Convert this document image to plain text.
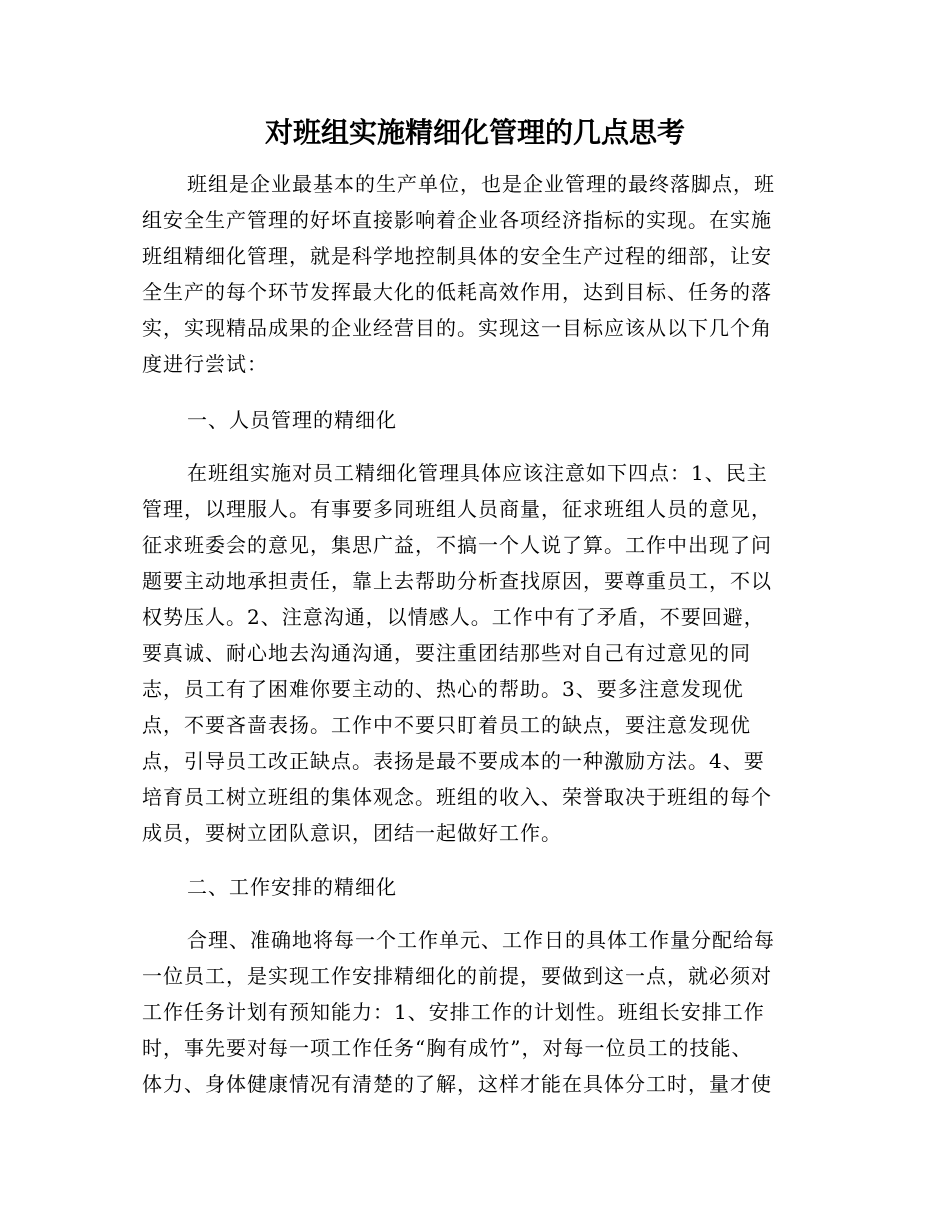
对班组实施精细化管理的几点思考
班组是企业最基本的生产单位，也是企业管理的最终落脚点，班
组安全生产管理的好坏直接影响着企业各项经济指标的实现。在实施
班组精细化管理，就是科学地控制具体的安全生产过程的细部，让安
全生产的每个环节发挥最大化的低耗高效作用，达到目标、任务的落
实，实现精品成果的企业经营目的。实现这一目标应该从以下几个角
度进行尝试：
一、人员管理的精细化
在班组实施对员工精细化管理具体应该注意如下四点：1、民主
管理，以理服人。有事要多同班组人员商量，征求班组人员的意见，
征求班委会的意见，集思广益，不搞一个人说了算。工作中出现了问
题要主动地承担责任，靠上去帮助分析查找原因，要尊重员工，不以
权势压人。2、注意沟通，以情感人。工作中有了矛盾，不要回避，
要真诚、耐心地去沟通沟通，要注重团结那些对自己有过意见的同
志，员工有了困难你要主动的、热心的帮助。3、要多注意发现优
点，不要吝啬表扬。工作中不要只盯着员工的缺点，要注意发现优
点，引导员工改正缺点。表扬是最不要成本的一种激励方法。4、要
培育员工树立班组的集体观念。班组的收入、荣誉取决于班组的每个
成员，要树立团队意识，团结一起做好工作。
二、工作安排的精细化
合理、准确地将每一个工作单元、工作日的具体工作量分配给每
一位员工，是实现工作安排精细化的前提，要做到这一点，就必须对
工作任务计划有预知能力：1、安排工作的计划性。班组长安排工作
时，事先要对每一项工作任务“胸有成竹”，对每一位员工的技能、
体力、身体健康情况有清楚的了解，这样才能在具体分工时，量才使
